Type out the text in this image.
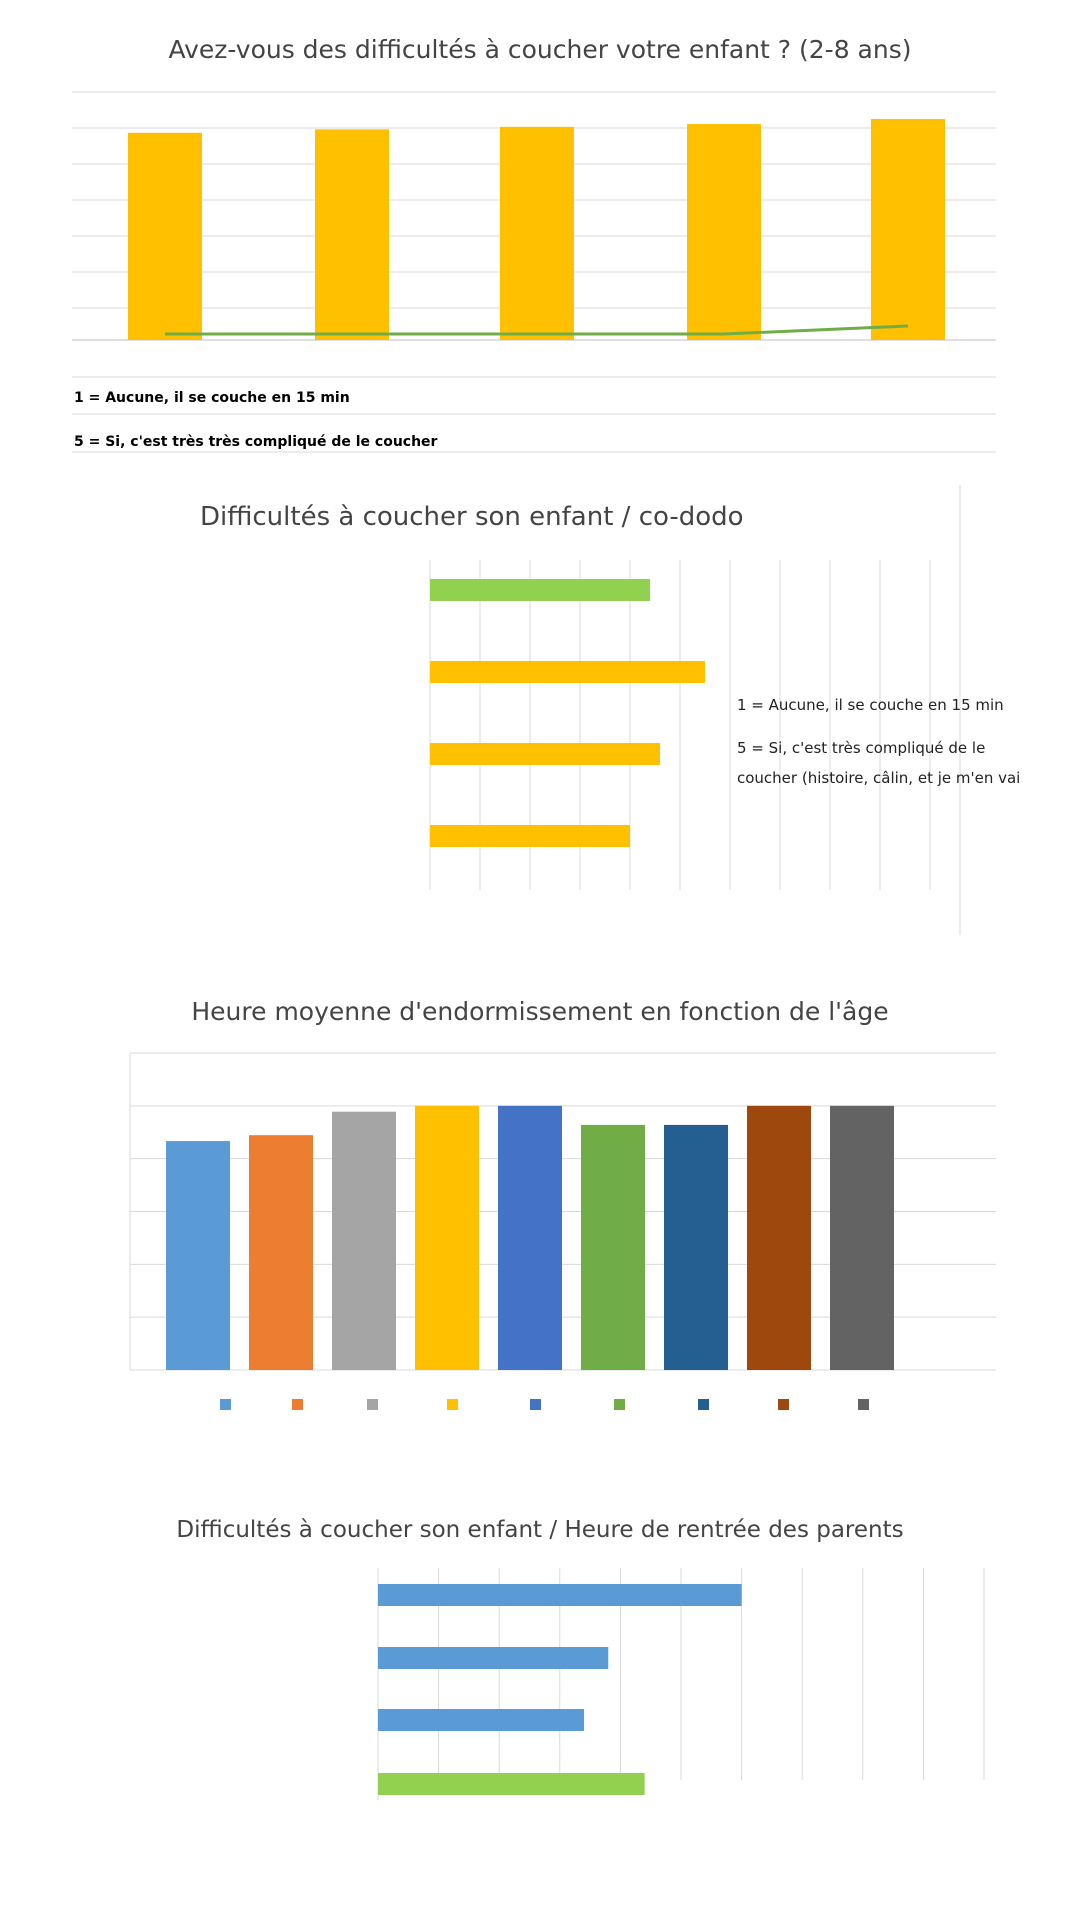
Avez-vous des difficultés à coucher votre enfant ? (2-8 ans)
1 = Aucune, il se couche en 15 min
5 = Si, c'est très très compliqué de le coucher
Difficultés à coucher son enfant / co-dodo
1 = Aucune, il se couche en 15 min
5 = Si, c'est très compliqué de le
coucher (histoire, câlin, et je m'en vai
Heure moyenne d'endormissement en fonction de l'âge
Difficultés à coucher son enfant / Heure de rentrée des parents
